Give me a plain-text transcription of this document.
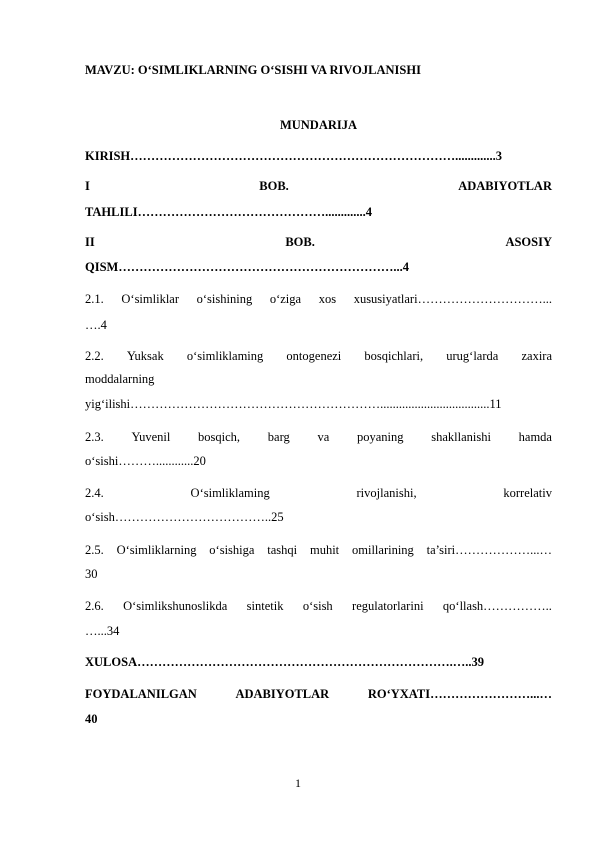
MAVZU: O‘SIMLIKLARNING O‘SISHI VA RIVOJLANISHI
MUNDARIJA
KIRISH…………………………………………………………………….............3
I	BOB.	ADABIYOTLAR
TAHLILI……………………………………….............4
II	BOB.	ASOSIY
QISM…………………………………………………………...4
2.1. O‘simliklar o‘sishining o‘ziga xos xususiyatlari…………………………...
….4
2.2. Yuksak o‘simliklaming ontogenezi bosqichlari, urug‘larda zaxira
moddalarning
yig‘ilishi……………………………………………………...................................11
2.3. Yuvenil bosqich, barg va poyaning shakllanishi hamda
o‘sishi………............20
2.4.	O‘simliklaming	rivojlanishi,	korrelativ
o‘sish………………………………..25
2.5. O‘simliklarning o‘sishiga tashqi muhit omillarining ta’siri………………...…
30
2.6. O‘simlikshunoslikda sintetik o‘sish regulatorlarini qo‘llash……………..
…...34
XULOSA………………………………………………………………….…..39
FOYDALANILGAN	ADABIYOTLAR	RO‘YXATI……………………...…
40
1
